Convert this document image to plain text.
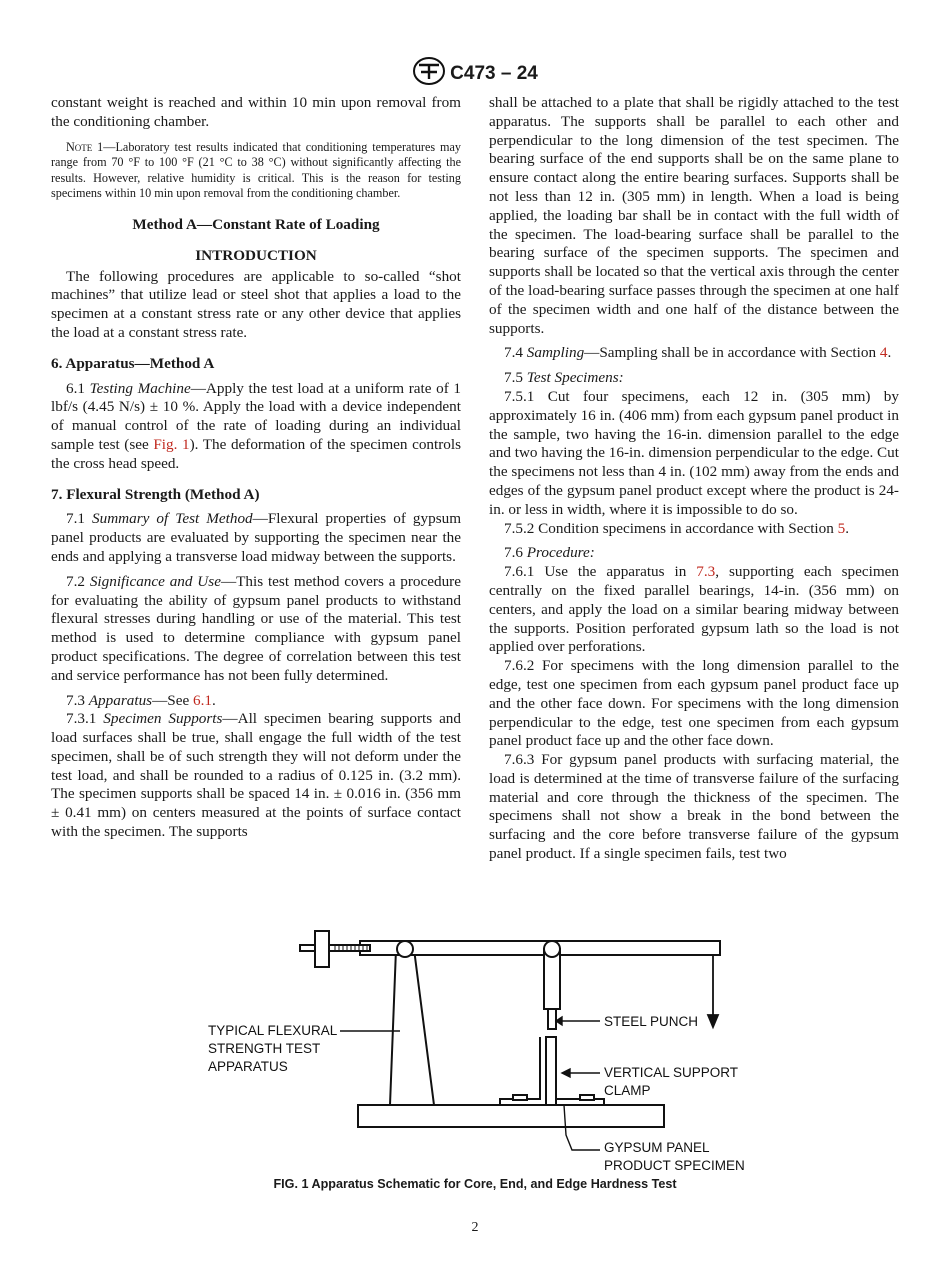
C473 – 24

constant weight is reached and within 10 min upon removal from the conditioning chamber.

Note 1—Laboratory test results indicated that conditioning temperatures may range from 70 °F to 100 °F (21 °C to 38 °C) without significantly affecting the results. However, relative humidity is critical. This is the reason for testing specimens within 10 min upon removal from the conditioning chamber.

Method A—Constant Rate of Loading

INTRODUCTION

The following procedures are applicable to so-called “shot machines” that utilize lead or steel shot that applies a load to the specimen at a constant stress rate or any other device that applies the load at a constant stress rate.

6. Apparatus—Method A

6.1 Testing Machine—Apply the test load at a uniform rate of 1 lbf/s (4.45 N/s) ± 10 %. Apply the load with a device independent of manual control of the rate of loading during an individual sample test (see Fig. 1). The deformation of the specimen controls the cross head speed.

7. Flexural Strength (Method A)

7.1 Summary of Test Method—Flexural properties of gypsum panel products are evaluated by supporting the specimen near the ends and applying a transverse load midway between the supports.

7.2 Significance and Use—This test method covers a procedure for evaluating the ability of gypsum panel products to withstand flexural stresses during handling or use of the material. This test method is used to determine compliance with gypsum panel product specifications. The degree of correlation between this test and service performance has not been fully determined.

7.3 Apparatus—See 6.1.

7.3.1 Specimen Supports—All specimen bearing supports and load surfaces shall be true, shall engage the full width of the test specimen, shall be of such strength they will not deform under the test load, and shall be rounded to a radius of 0.125 in. (3.2 mm). The specimen supports shall be spaced 14 in. ± 0.016 in. (356 mm ± 0.41 mm) on centers measured at the points of surface contact with the specimen. The supports

shall be attached to a plate that shall be rigidly attached to the test apparatus. The supports shall be parallel to each other and perpendicular to the long dimension of the test specimen. The bearing surface of the end supports shall be on the same plane to ensure contact along the entire bearing surfaces. Supports shall be not less than 12 in. (305 mm) in length. When a load is being applied, the loading bar shall be in contact with the full width of the specimen. The load-bearing surface shall be parallel to the bearing surface of the specimen supports. The specimen and supports shall be located so that the vertical axis through the center of the load-bearing surface passes through the specimen at one half of the specimen width and one half of the distance between the supports.

7.4 Sampling—Sampling shall be in accordance with Section 4.

7.5 Test Specimens:

7.5.1 Cut four specimens, each 12 in. (305 mm) by approximately 16 in. (406 mm) from each gypsum panel product in the sample, two having the 16-in. dimension parallel to the edge and two having the 16-in. dimension perpendicular to the edge. Cut the specimens not less than 4 in. (102 mm) away from the ends and edges of the gypsum panel product except where the product is 24-in. or less in width, where it is impossible to do so.

7.5.2 Condition specimens in accordance with Section 5.

7.6 Procedure:

7.6.1 Use the apparatus in 7.3, supporting each specimen centrally on the fixed parallel bearings, 14-in. (356 mm) on centers, and apply the load on a similar bearing midway between the supports. Position perforated gypsum lath so the load is not applied over perforations.

7.6.2 For specimens with the long dimension parallel to the edge, test one specimen from each gypsum panel product face up and the other face down. For specimens with the long dimension perpendicular to the edge, test one specimen from each gypsum panel product face up and the other face down.

7.6.3 For gypsum panel products with surfacing material, the load is determined at the time of transverse failure of the surfacing material and core through the thickness of the specimen. The specimens shall not show a break in the bond between the surfacing and the core before transverse failure of the gypsum panel product. If a single specimen fails, test two

TYPICAL FLEXURAL
STRENGTH TEST
APPARATUS
STEEL PUNCH
VERTICAL SUPPORT
CLAMP
GYPSUM PANEL
PRODUCT SPECIMEN
FIG. 1 Apparatus Schematic for Core, End, and Edge Hardness Test
2
